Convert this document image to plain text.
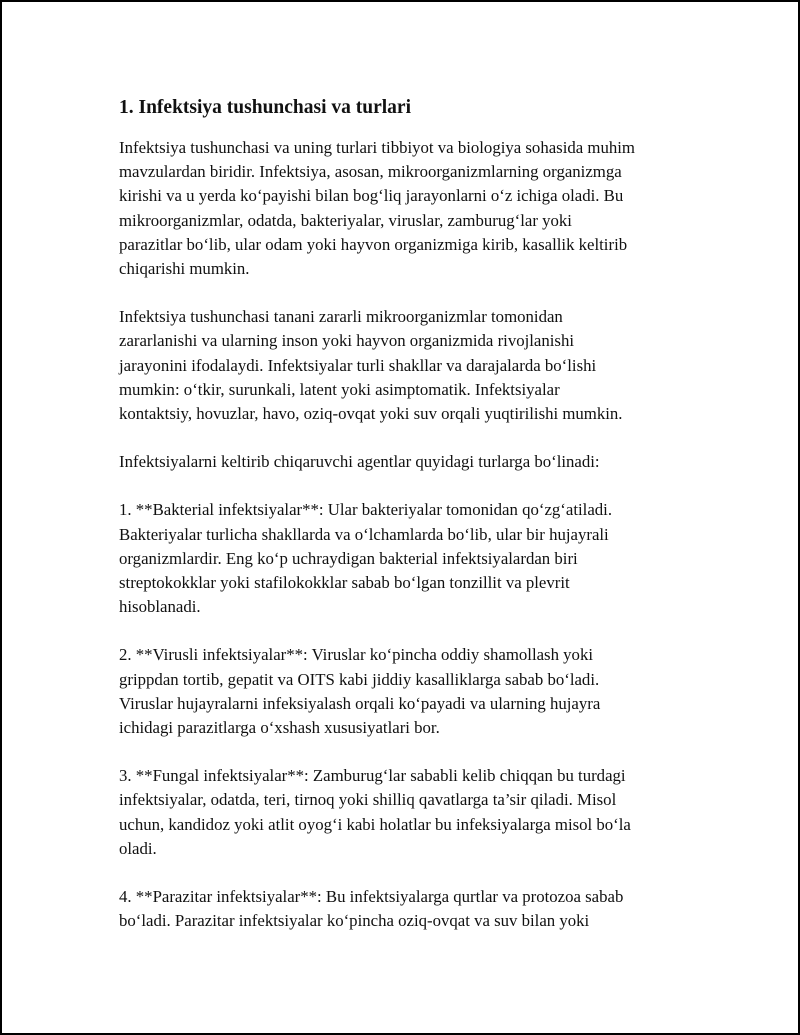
1. Infektsiya tushunchasi va turlari
Infektsiya tushunchasi va uning turlari tibbiyot va biologiya sohasida muhim
mavzulardan biridir. Infektsiya, asosan, mikroorganizmlarning organizmga
kirishi va u yerda ko‘payishi bilan bog‘liq jarayonlarni o‘z ichiga oladi. Bu
mikroorganizmlar, odatda, bakteriyalar, viruslar, zamburug‘lar yoki
parazitlar bo‘lib, ular odam yoki hayvon organizmiga kirib, kasallik keltirib
chiqarishi mumkin.
Infektsiya tushunchasi tanani zararli mikroorganizmlar tomonidan
zararlanishi va ularning inson yoki hayvon organizmida rivojlanishi
jarayonini ifodalaydi. Infektsiyalar turli shakllar va darajalarda bo‘lishi
mumkin: o‘tkir, surunkali, latent yoki asimptomatik. Infektsiyalar
kontaktsiy, hovuzlar, havo, oziq-ovqat yoki suv orqali yuqtirilishi mumkin.
Infektsiyalarni keltirib chiqaruvchi agentlar quyidagi turlarga bo‘linadi:
1. **Bakterial infektsiyalar**: Ular bakteriyalar tomonidan qo‘zg‘atiladi.
Bakteriyalar turlicha shakllarda va o‘lchamlarda bo‘lib, ular bir hujayrali
organizmlardir. Eng ko‘p uchraydigan bakterial infektsiyalardan biri
streptokokklar yoki stafilokokklar sabab bo‘lgan tonzillit va plevrit
hisoblanadi.
2. **Virusli infektsiyalar**: Viruslar ko‘pincha oddiy shamollash yoki
grippdan tortib, gepatit va OITS kabi jiddiy kasalliklarga sabab bo‘ladi.
Viruslar hujayralarni infeksiyalash orqali ko‘payadi va ularning hujayra
ichidagi parazitlarga o‘xshash xususiyatlari bor.
3. **Fungal infektsiyalar**: Zamburug‘lar sababli kelib chiqqan bu turdagi
infektsiyalar, odatda, teri, tirnoq yoki shilliq qavatlarga ta’sir qiladi. Misol
uchun, kandidoz yoki atlit oyog‘i kabi holatlar bu infeksiyalarga misol bo‘la
oladi.
4. **Parazitar infektsiyalar**: Bu infektsiyalarga qurtlar va protozoa sabab
bo‘ladi. Parazitar infektsiyalar ko‘pincha oziq-ovqat va suv bilan yoki
